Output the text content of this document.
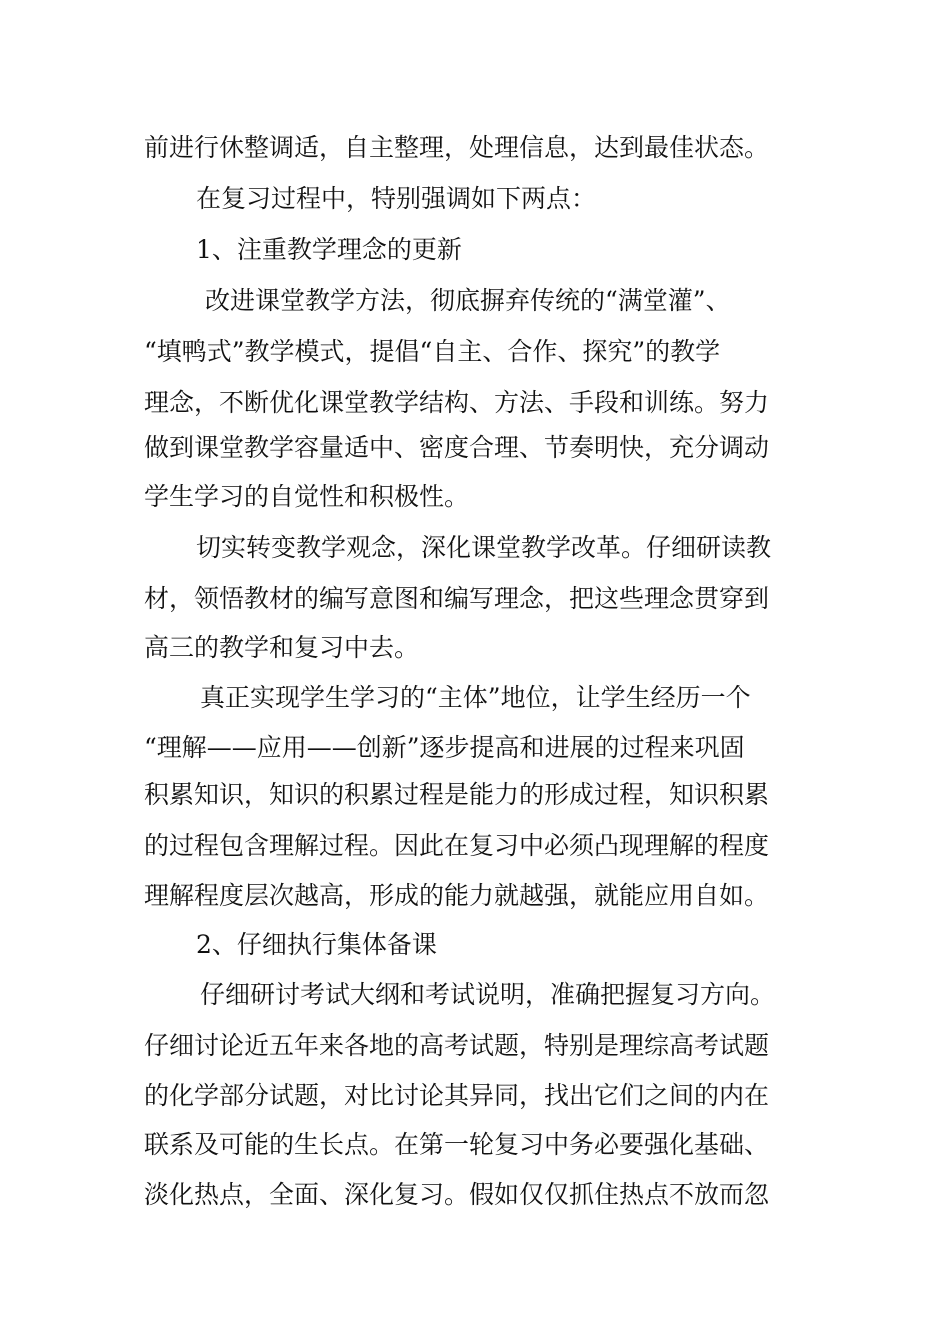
前进行休整调适，自主整理，处理信息，达到最佳状态。
在复习过程中，特别强调如下两点：
1、注重教学理念的更新
改进课堂教学方法，彻底摒弃传统的“满堂灌”、
“填鸭式”教学模式，提倡“自主、合作、探究”的教学
理念，不断优化课堂教学结构、方法、手段和训练。努力
做到课堂教学容量适中、密度合理、节奏明快，充分调动
学生学习的自觉性和积极性。
切实转变教学观念，深化课堂教学改革。仔细研读教
材，领悟教材的编写意图和编写理念，把这些理念贯穿到
高三的教学和复习中去。
真正实现学生学习的“主体”地位，让学生经历一个
“理解——应用——创新”逐步提高和进展的过程来巩固
积累知识，知识的积累过程是能力的形成过程，知识积累
的过程包含理解过程。因此在复习中必须凸现理解的程度
理解程度层次越高，形成的能力就越强，就能应用自如。
2、仔细执行集体备课
仔细研讨考试大纲和考试说明，准确把握复习方向。
仔细讨论近五年来各地的高考试题，特别是理综高考试题
的化学部分试题，对比讨论其异同，找出它们之间的内在
联系及可能的生长点。在第一轮复习中务必要强化基础、
淡化热点，全面、深化复习。假如仅仅抓住热点不放而忽
